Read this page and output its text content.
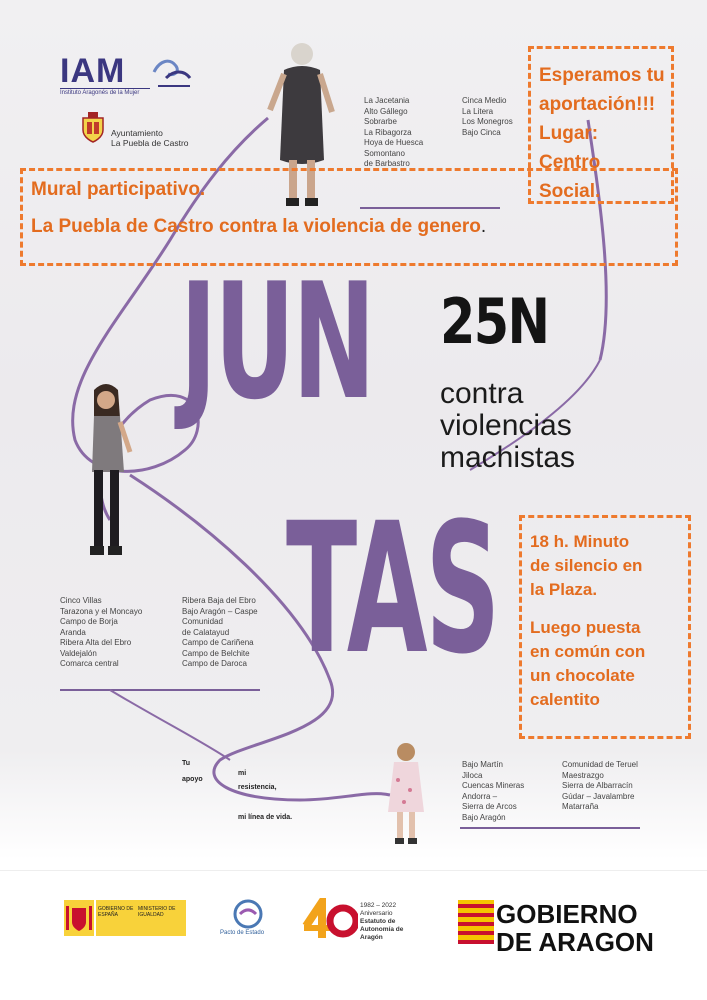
IAM
Instituto Aragonés de la Mujer
Ayuntamiento
La Puebla de Castro
La Jacetania
Alto Gállego
Sobrarbe
La Ribagorza
Hoya de Huesca
Somontano
de Barbastro
Cinca Medio
La Litera
Los Monegros
Bajo Cinca
JUN
TAS
25N
contra
violencias
machistas
Cinco Villas
Tarazona y el Moncayo
Campo de Borja
Aranda
Ribera Alta del Ebro
Valdejalón
Comarca central
Ribera Baja del Ebro
Bajo Aragón – Caspe
Comunidad
de Calatayud
Campo de Cariñena
Campo de Belchite
Campo de Daroca
Tu
apoyo
mi
resistencia,
mi línea de vida.
Bajo Martín
Jiloca
Cuencas Mineras
Andorra –
Sierra de Arcos
Bajo Aragón
Comunidad de Teruel
Maestrazgo
Sierra de Albarracín
Gúdar – Javalambre
Matarraña
Esperamos tu
aportación!!!
Lugar:
Centro
Social.
Mural participativo.
La Puebla de Castro contra la violencia de genero.
18 h. Minuto
de silencio en
la Plaza.
Luego puesta
en común con
un chocolate
calentito
GOBIERNO DE ESPAÑA
MINISTERIO DE IGUALDAD
Pacto de Estado
1982 – 2022
Aniversario
Estatuto de
Autonomía de
Aragón
GOBIERNO
DE ARAGON
